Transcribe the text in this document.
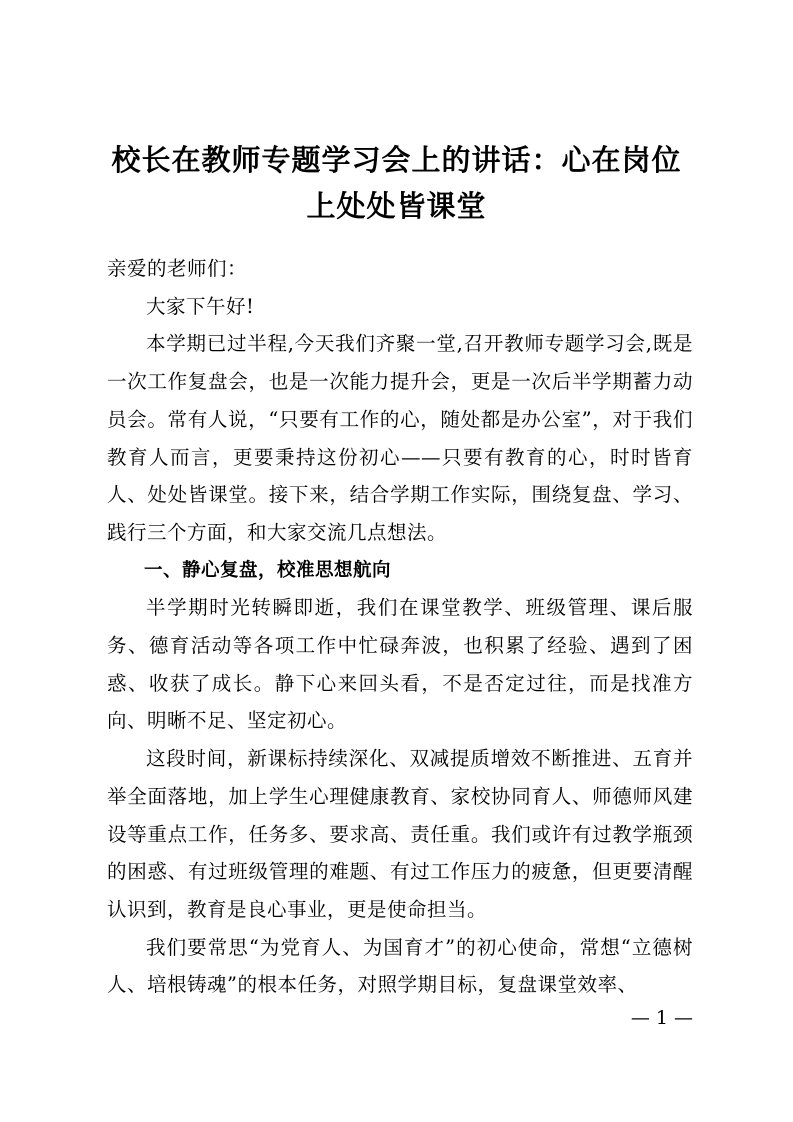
校长在教师专题学习会上的讲话：心在岗位上处处皆课堂

亲爱的老师们：

大家下午好!

本学期已过半程,今天我们齐聚一堂,召开教师专题学习会,既是一次工作复盘会，也是一次能力提升会，更是一次后半学期蓄力动员会。常有人说，“只要有工作的心，随处都是办公室”，对于我们教育人而言，更要秉持这份初心——只要有教育的心，时时皆育人、处处皆课堂。接下来，结合学期工作实际，围绕复盘、学习、践行三个方面，和大家交流几点想法。

一、静心复盘，校准思想航向

半学期时光转瞬即逝，我们在课堂教学、班级管理、课后服务、德育活动等各项工作中忙碌奔波，也积累了经验、遇到了困惑、收获了成长。静下心来回头看，不是否定过往，而是找准方向、明晰不足、坚定初心。

这段时间，新课标持续深化、双减提质增效不断推进、五育并举全面落地，加上学生心理健康教育、家校协同育人、师德师风建设等重点工作，任务多、要求高、责任重。我们或许有过教学瓶颈的困惑、有过班级管理的难题、有过工作压力的疲惫，但更要清醒认识到，教育是良心事业，更是使命担当。

我们要常思“为党育人、为国育才”的初心使命，常想“立德树人、培根铸魂”的根本任务，对照学期目标，复盘课堂效率、

— 1 —
